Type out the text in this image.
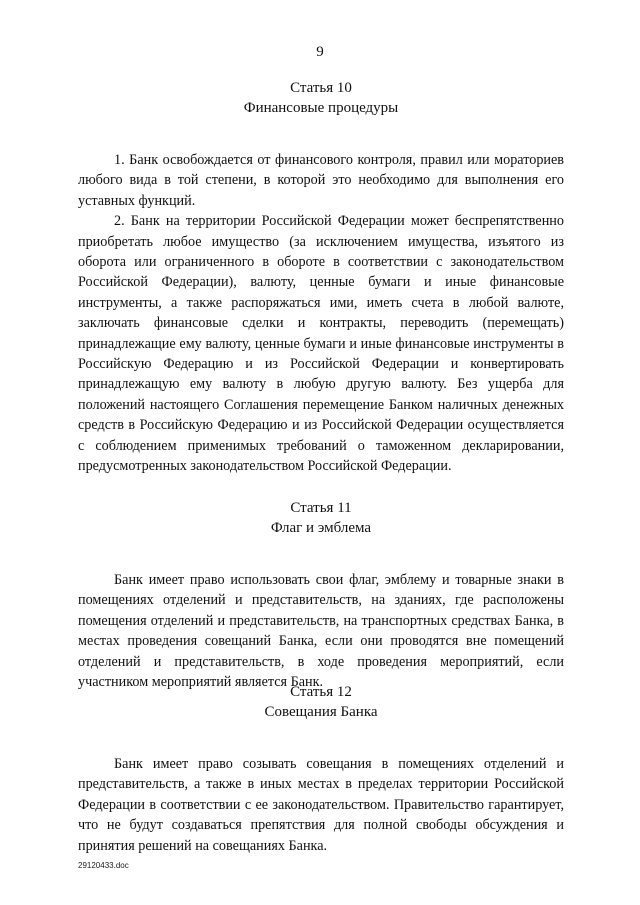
9
Статья 10
Финансовые процедуры

1. Банк освобождается от финансового контроля, правил или мораториев любого вида в той степени, в которой это необходимо для выполнения его уставных функций.

2. Банк на территории Российской Федерации может беспрепятственно приобретать любое имущество (за исключением имущества, изъятого из оборота или ограниченного в обороте в соответствии с законодательством Российской Федерации), валюту, ценные бумаги и иные финансовые инструменты, а также распоряжаться ими, иметь счета в любой валюте, заключать финансовые сделки и контракты, переводить (перемещать) принадлежащие ему валюту, ценные бумаги и иные финансовые инструменты в Российскую Федерацию и из Российской Федерации и конвертировать принадлежащую ему валюту в любую другую валюту. Без ущерба для положений настоящего Соглашения перемещение Банком наличных денежных средств в Российскую Федерацию и из Российской Федерации осуществляется с соблюдением применимых требований о таможенном декларировании, предусмотренных законодательством Российской Федерации.

Статья 11
Флаг и эмблема

Банк имеет право использовать свои флаг, эмблему и товарные знаки в помещениях отделений и представительств, на зданиях, где расположены помещения отделений и представительств, на транспортных средствах Банка, в местах проведения совещаний Банка, если они проводятся вне помещений отделений и представительств, в ходе проведения мероприятий, если участником мероприятий является Банк.

Статья 12
Совещания Банка

Банк имеет право созывать совещания в помещениях отделений и представительств, а также в иных местах в пределах территории Российской Федерации в соответствии с ее законодательством. Правительство гарантирует, что не будут создаваться препятствия для полной свободы обсуждения и принятия решений на совещаниях Банка.

29120433.doc
